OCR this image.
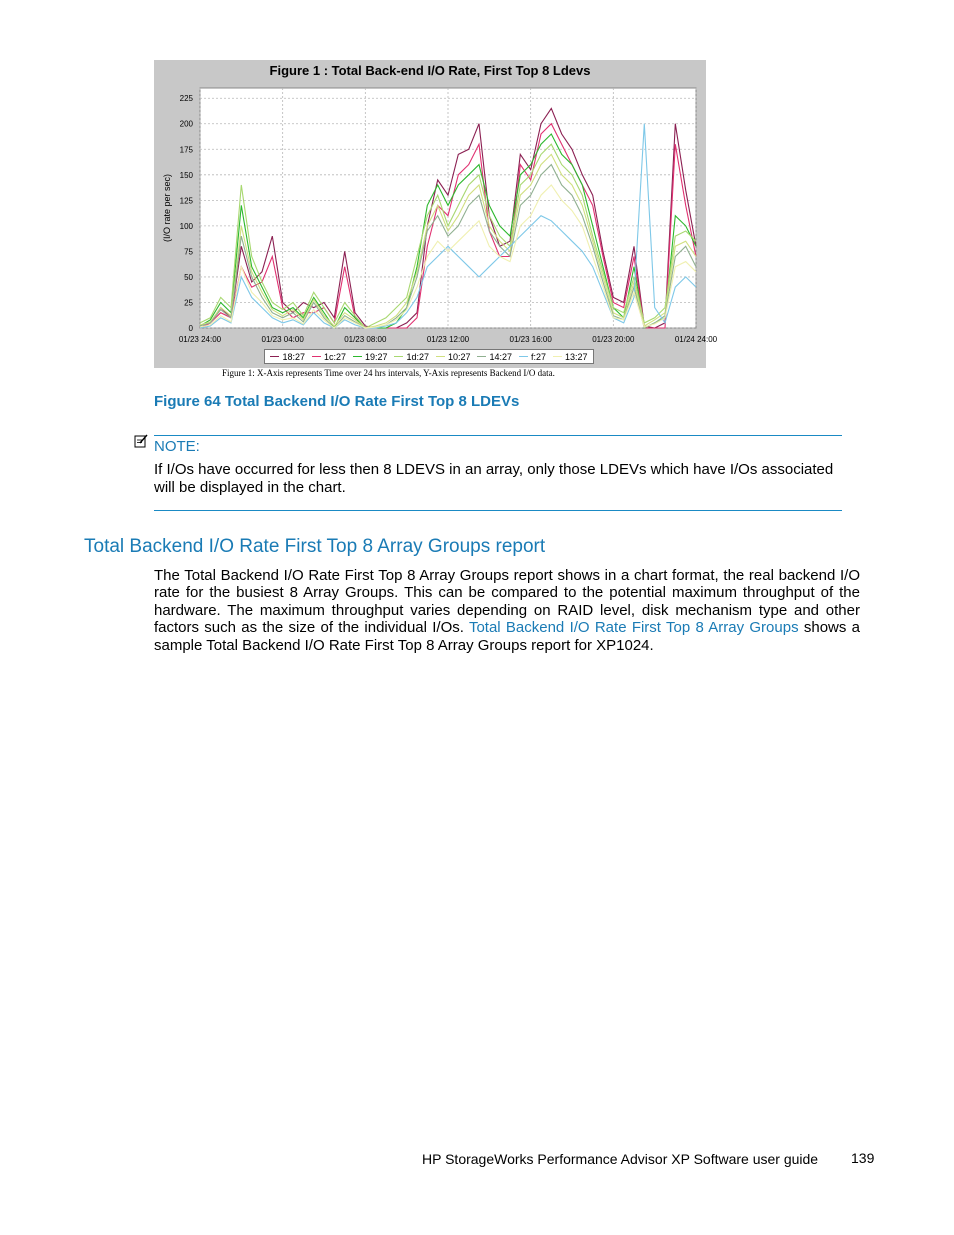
0
25
50
75
100
125
150
175
200
225
01/23 24:00	01/23 04:00	01/23 08:00	01/23 12:00	01/23 16:00	01/23 20:00	01/24 24:00
(I/O rate per sec)
Figure 1 : Total Back-end I/O Rate, First Top 8 Ldevs
18:27 1c:27 19:27 1d:27 10:27 14:27 f:27 13:27
Figure 1: X-Axis represents Time over 24 hrs intervals, Y-Axis represents Backend I/O data.
Figure 64 Total Backend I/O Rate First Top 8 LDEVs
NOTE:
If I/Os have occurred for less then 8 LDEVS in an array, only those LDEVs which have I/Os associated will be displayed in the chart.
Total Backend I/O Rate First Top 8 Array Groups report
The Total Backend I/O Rate First Top 8 Array Groups report shows in a chart format, the real backend I/O rate for the busiest 8 Array Groups. This can be compared to the potential maximum throughput of the hardware. The maximum throughput varies depending on RAID level, disk mechanism type and other factors such as the size of the individual I/Os. Total Backend I/O Rate First Top 8 Array Groups shows a sample Total Backend I/O Rate First Top 8 Array Groups report for XP1024.
HP StorageWorks Performance Advisor XP Software user guide 139
